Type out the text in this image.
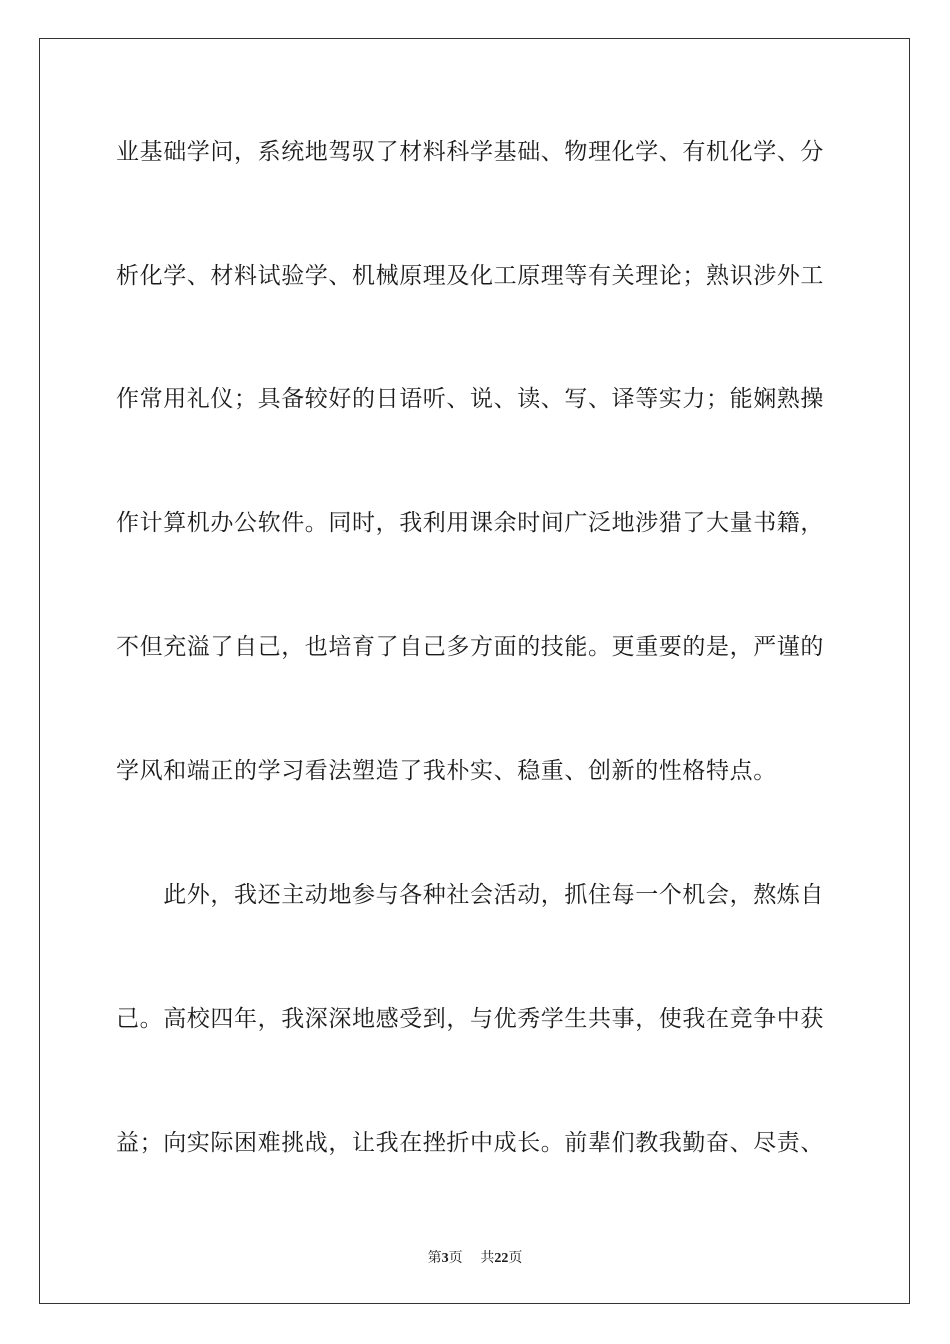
业基础学问，系统地驾驭了材料科学基础、物理化学、有机化学、分

析化学、材料试验学、机械原理及化工原理等有关理论；熟识涉外工

作常用礼仪；具备较好的日语听、说、读、写、译等实力；能娴熟操

作计算机办公软件。同时，我利用课余时间广泛地涉猎了大量书籍，

不但充溢了自己，也培育了自己多方面的技能。更重要的是，严谨的

学风和端正的学习看法塑造了我朴实、稳重、创新的性格特点。

　　此外，我还主动地参与各种社会活动，抓住每一个机会，熬炼自

己。高校四年，我深深地感受到，与优秀学生共事，使我在竞争中获

益；向实际困难挑战，让我在挫折中成长。前辈们教我勤奋、尽责、

第3页 共22页
